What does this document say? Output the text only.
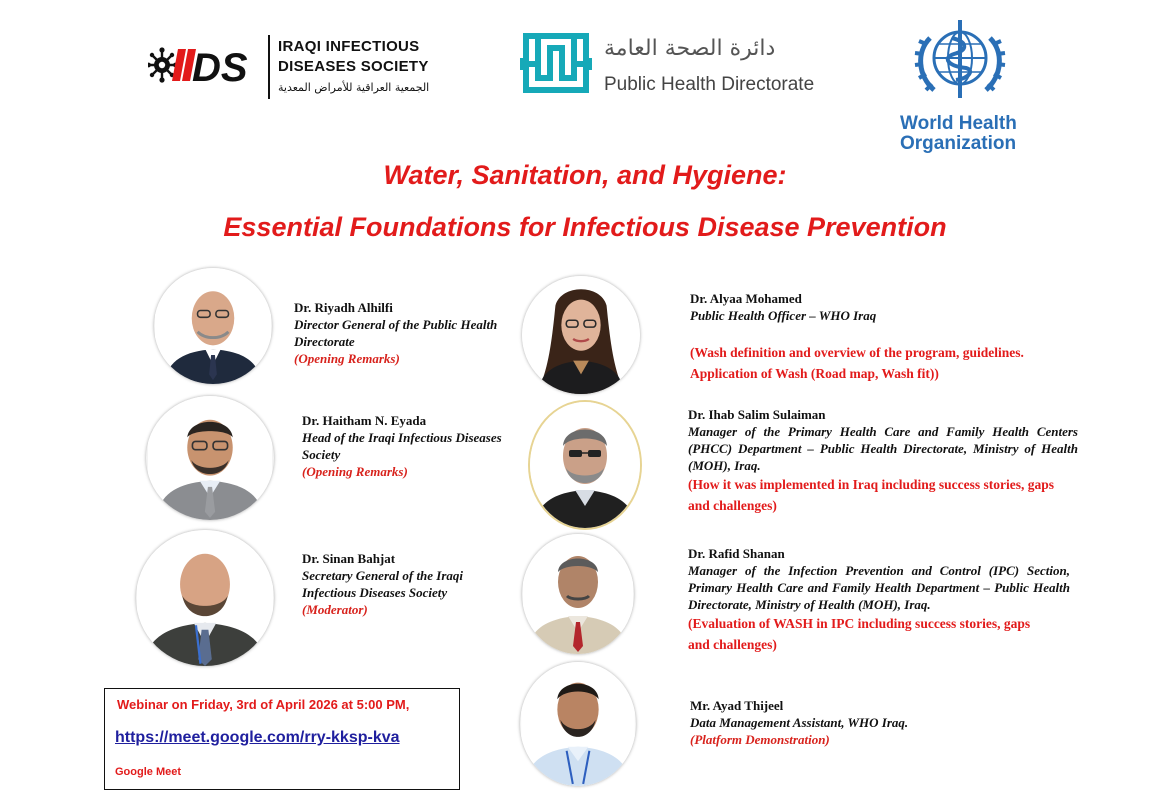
DS IRAQI INFECTIOUS
DISEASES SOCIETY
الجمعية العراقية للأمراض المعدية
دائرة الصحة العامة
Public Health Directorate
World Health
Organization
Water, Sanitation, and Hygiene:
Essential Foundations for Infectious Disease Prevention
Dr. Riyadh Alhilfi
Director General of the Public Health Directorate
(Opening Remarks)
Dr. Haitham N. Eyada
Head of the Iraqi Infectious Diseases Society
(Opening Remarks)
Dr. Sinan Bahjat
Secretary General of the Iraqi Infectious Diseases Society
(Moderator)
Dr. Alyaa Mohamed
Public Health Officer – WHO Iraq
(Wash definition and overview of the program, guidelines. Application of Wash (Road map, Wash fit))
Dr. Ihab Salim Sulaiman
Manager of the Primary Health Care and Family Health Centers (PHCC) Department – Public Health Directorate, Ministry of Health (MOH), Iraq.
(How it was implemented in Iraq including success stories, gaps and challenges)
Dr. Rafid Shanan
Manager of the Infection Prevention and Control (IPC) Section, Primary Health Care and Family Health Department – Public Health Directorate, Ministry of Health (MOH), Iraq.
(Evaluation of WASH in IPC including success stories, gaps and challenges)
Mr. Ayad Thijeel
Data Management Assistant, WHO Iraq.
(Platform Demonstration)
Webinar on Friday, 3rd of April 2026 at 5:00 PM,
https://meet.google.com/rry-kksp-kva
Google Meet
